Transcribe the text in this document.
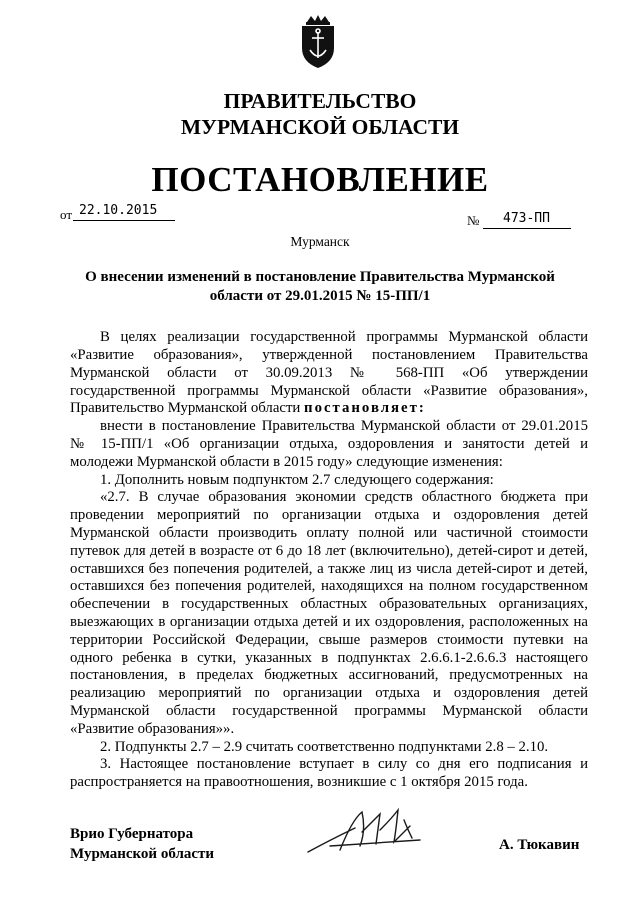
ПРАВИТЕЛЬСТВО
МУРМАНСКОЙ ОБЛАСТИ
ПОСТАНОВЛЕНИЕ
от 22.10.2015
№	473-ПП
Мурманск
О внесении изменений в постановление Правительства Мурманской
области от 29.01.2015 № 15-ПП/1
В целях реализации государственной программы Мурманской области
«Развитие образования», утвержденной постановлением Правительства
Мурманской области от 30.09.2013 № 568-ПП «Об утверждении
государственной программы Мурманской области «Развитие образования»,
Правительство Мурманской области постановляет:
внести в постановление Правительства Мурманской области от 29.01.2015
№ 15-ПП/1 «Об организации отдыха, оздоровления и занятости детей и
молодежи Мурманской области в 2015 году» следующие изменения:
1. Дополнить новым подпунктом 2.7 следующего содержания:
«2.7. В случае образования экономии средств областного бюджета при
проведении мероприятий по организации отдыха и оздоровления детей
Мурманской области производить оплату полной или частичной стоимости
путевок для детей в возрасте от 6 до 18 лет (включительно), детей-сирот и детей,
оставшихся без попечения родителей, а также лиц из числа детей-сирот и детей,
оставшихся без попечения родителей, находящихся на полном государственном
обеспечении в государственных областных образовательных организациях,
выезжающих в организации отдыха детей и их оздоровления, расположенных на
территории Российской Федерации, свыше размеров стоимости путевки на
одного ребенка в сутки, указанных в подпунктах 2.6.6.1-2.6.6.3 настоящего
постановления, в пределах бюджетных ассигнований, предусмотренных на
реализацию мероприятий по организации отдыха и оздоровления детей
Мурманской области государственной программы Мурманской области
«Развитие образования»».
2. Подпункты 2.7 – 2.9 считать соответственно подпунктами 2.8 – 2.10.
3. Настоящее постановление вступает в силу со дня его подписания и
распространяется на правоотношения, возникшие с 1 октября 2015 года.
Врио Губернатора
Мурманской области
А. Тюкавин
